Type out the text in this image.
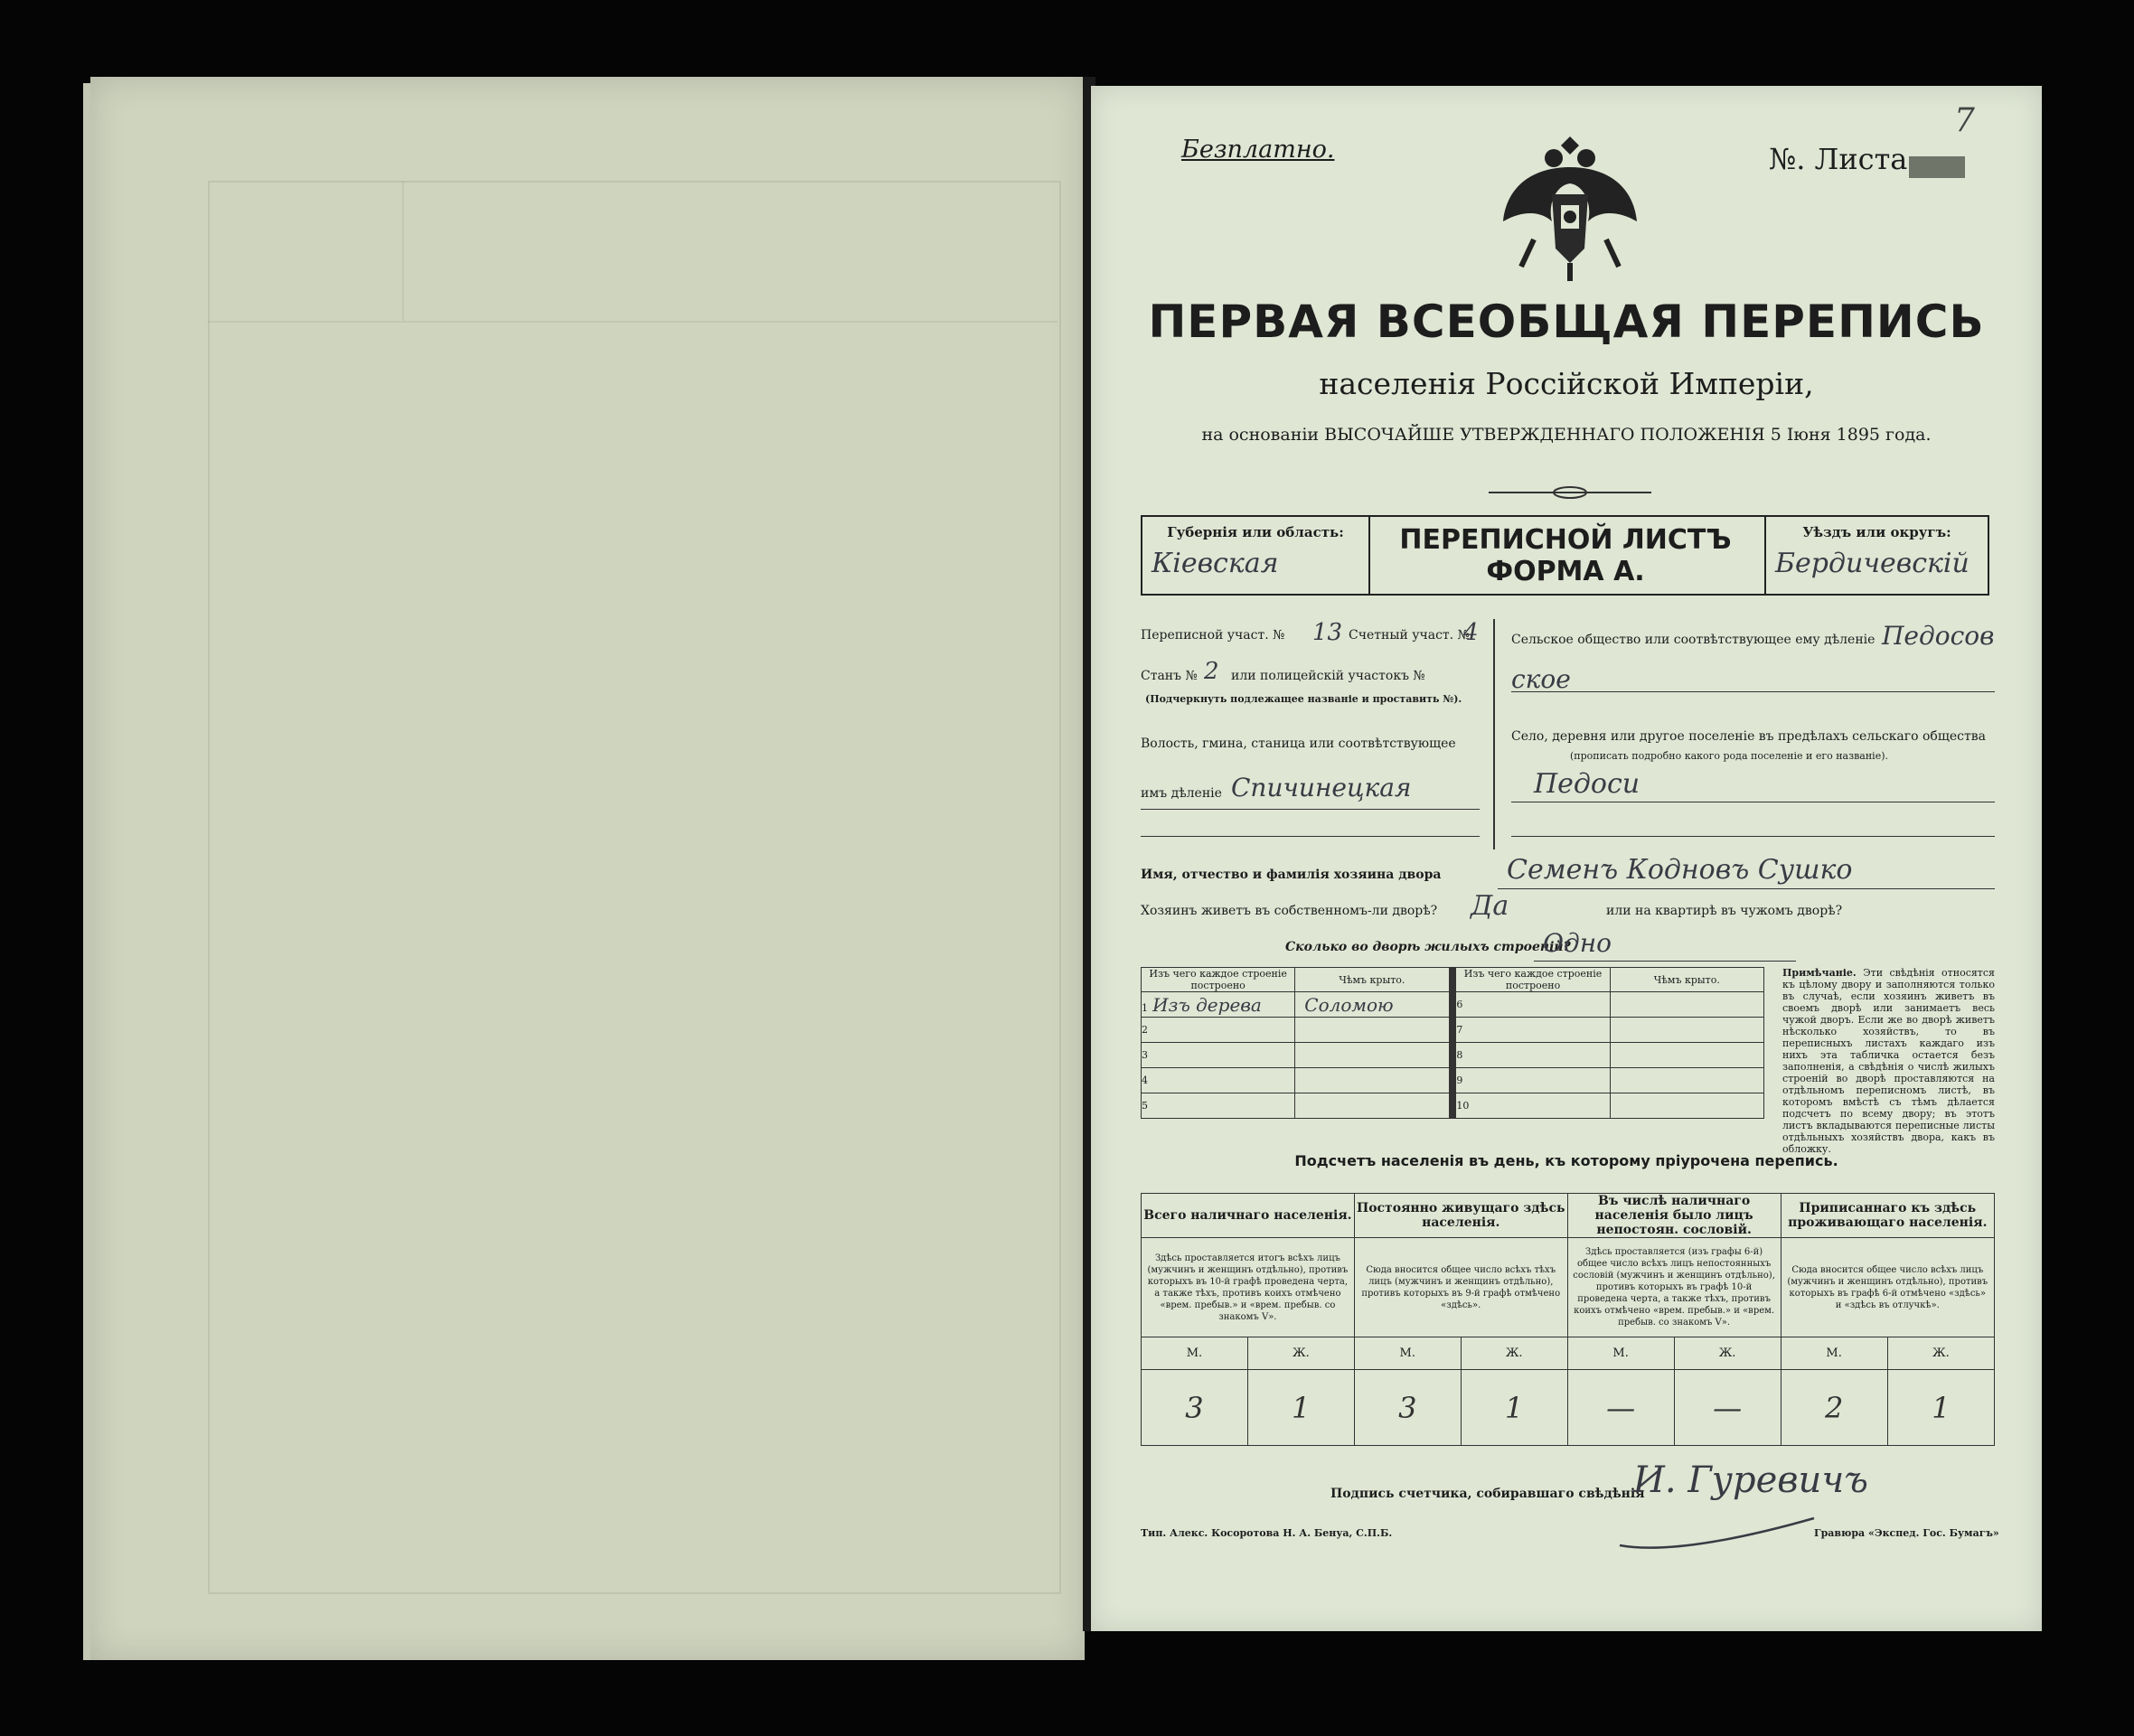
Безплатно.	№. Листа
7
ПЕРВАЯ ВСЕОБЩАЯ ПЕРЕПИСЬ
населенія Россійской Имперіи,
на основаніи ВЫСОЧАЙШЕ УТВЕРЖДЕННАГО ПОЛОЖЕНІЯ 5 Іюня 1895 года.
Губернія или область:
Кіевская
ПЕРЕПИСНОЙ ЛИСТЪ
ФОРМА А.
Уѣздъ или округъ:
Бердичевскій
Переписной участ. № 13 Счетный участ. №
4
Станъ № 2 или полицейскій участокъ №
(Подчеркнуть подлежащее названіе и проставить №).
Волость, гмина, станица или соотвѣтствующее
имъ дѣленіе Спичинецкая
Сельское общество или соотвѣтствующее ему дѣленіе Педосов
ское
Село, деревня или другое поселеніе въ предѣлахъ сельскаго общества
(прописать подробно какого рода поселеніе и его названіе).
Педоси
Имя, отчество и фамилія хозяина двора Семенъ Кодновъ Сушко
Хозяинъ живетъ въ собственномъ-ли дворѣ? Да	или на квартирѣ въ чужомъ дворѣ?
Сколько во дворѣ жилыхъ строеній?
Одно
Изъ чего каждое строеніе построено	Чѣмъ крыто.		Изъ чего каждое строеніе построено	Чѣмъ крыто.
1 Изъ дерева	Соломою		6	
2			7	
3			8	
4			9	
5			10	
Примѣчаніе. Эти свѣдѣнія относятся къ цѣлому двору и заполняются только въ случаѣ, если хозяинъ живетъ въ своемъ дворѣ или занимаетъ весь чужой дворъ. Если же во дворѣ живетъ нѣсколько хозяйствъ, то въ переписныхъ листахъ каждаго изъ нихъ эта табличка остается безъ заполненія, а свѣдѣнія о числѣ жилыхъ строеній во дворѣ проставляются на отдѣльномъ переписномъ листѣ, въ которомъ вмѣстѣ съ тѣмъ дѣлается подсчетъ по всему двору; въ этотъ листъ вкладываются переписные листы отдѣльныхъ хозяйствъ двора, какъ въ обложку.
Подсчетъ населенія въ день, къ которому пріурочена перепись.
Всего наличнаго населенія.		Постоянно живущаго здѣсь населенія.		Въ числѣ наличнаго населенія было лицъ непостоян. сословій.		Приписаннаго къ здѣсь проживающаго населенія.	
Здѣсь проставляется итогъ всѣхъ лицъ (мужчинъ и женщинъ отдѣльно), противъ которыхъ въ 10-й графѣ проведена черта, а также тѣхъ, противъ коихъ отмѣчено «врем. пребыв.» и «врем. пребыв. со знакомъ V».		Сюда вносится общее число всѣхъ тѣхъ лицъ (мужчинъ и женщинъ отдѣльно), противъ которыхъ въ 9-й графѣ отмѣчено «здѣсь».		Здѣсь проставляется (изъ графы 6-й) общее число всѣхъ лицъ непостоянныхъ сословій (мужчинъ и женщинъ отдѣльно), противъ которыхъ въ графѣ 10-й проведена черта, а также тѣхъ, противъ коихъ отмѣчено «врем. пребыв.» и «врем. пребыв. со знакомъ V».		Сюда вносится общее число всѣхъ лицъ (мужчинъ и женщинъ отдѣльно), противъ которыхъ въ графѣ 6-й отмѣчено «здѣсь» и «здѣсь въ отлучкѣ».	
М.	Ж.	М.	Ж.	М.	Ж.	М.	Ж.
3	1	3	1	—	—	2	1
Подпись счетчика, собиравшаго свѣдѣнія
И. Гуревичъ
Тип. Алекс. Косоротова Н. А. Бенуа, С.П.Б.	Гравюра «Экспед. Гос. Бумагъ»
